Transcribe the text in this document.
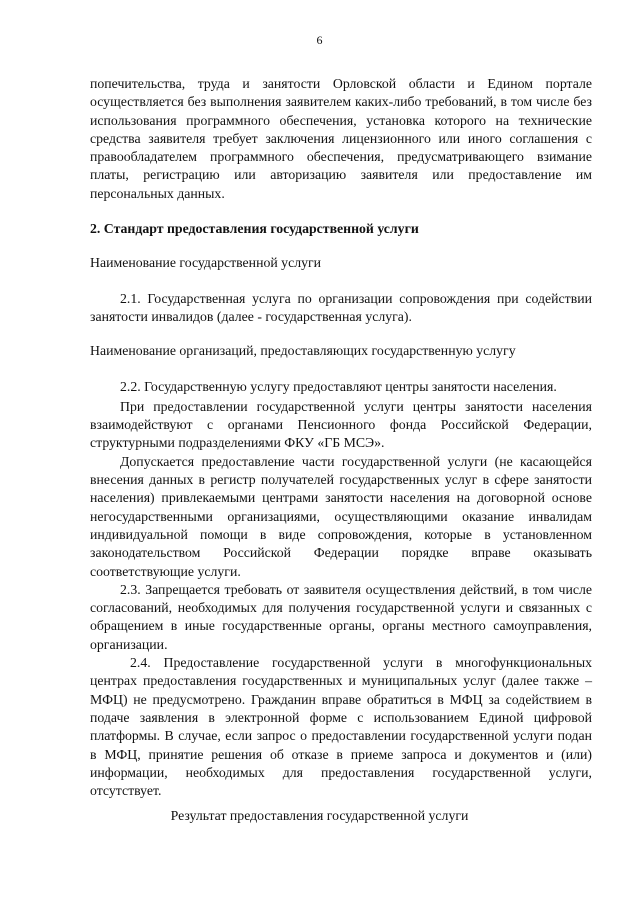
6

попечительства, труда и занятости Орловской области и Едином портале осуществляется без выполнения заявителем каких-либо требований, в том числе без использования программного обеспечения, установка которого на технические средства заявителя требует заключения лицензионного или иного соглашения с правообладателем программного обеспечения, предусматривающего взимание платы, регистрацию или авторизацию заявителя или предоставление им персональных данных.

2. Стандарт предоставления государственной услуги

Наименование государственной услуги

2.1. Государственная услуга по организации сопровождения при содействии занятости инвалидов (далее - государственная услуга).

Наименование организаций, предоставляющих государственную услугу

2.2. Государственную услугу предоставляют центры занятости населения.

При предоставлении государственной услуги центры занятости населения взаимодействуют с органами Пенсионного фонда Российской Федерации, структурными подразделениями ФКУ «ГБ МСЭ».

Допускается предоставление части государственной услуги (не касающейся внесения данных в регистр получателей государственных услуг в сфере занятости населения) привлекаемыми центрами занятости населения на договорной основе негосударственными организациями, осуществляющими оказание инвалидам индивидуальной помощи в виде сопровождения, которые в установленном законодательством Российской Федерации порядке вправе оказывать соответствующие услуги.

2.3. Запрещается требовать от заявителя осуществления действий, в том числе согласований, необходимых для получения государственной услуги и связанных с обращением в иные государственные органы, органы местного самоуправления, организации.

2.4. Предоставление государственной услуги в многофункциональных центрах предоставления государственных и муниципальных услуг (далее также – МФЦ) не предусмотрено. Гражданин вправе обратиться в МФЦ за содействием в подаче заявления в электронной форме с использованием Единой цифровой платформы. В случае, если запрос о предоставлении государственной услуги подан в МФЦ, принятие решения об отказе в приеме запроса и документов и (или) информации, необходимых для предоставления государственной услуги, отсутствует.

Результат предоставления государственной услуги
